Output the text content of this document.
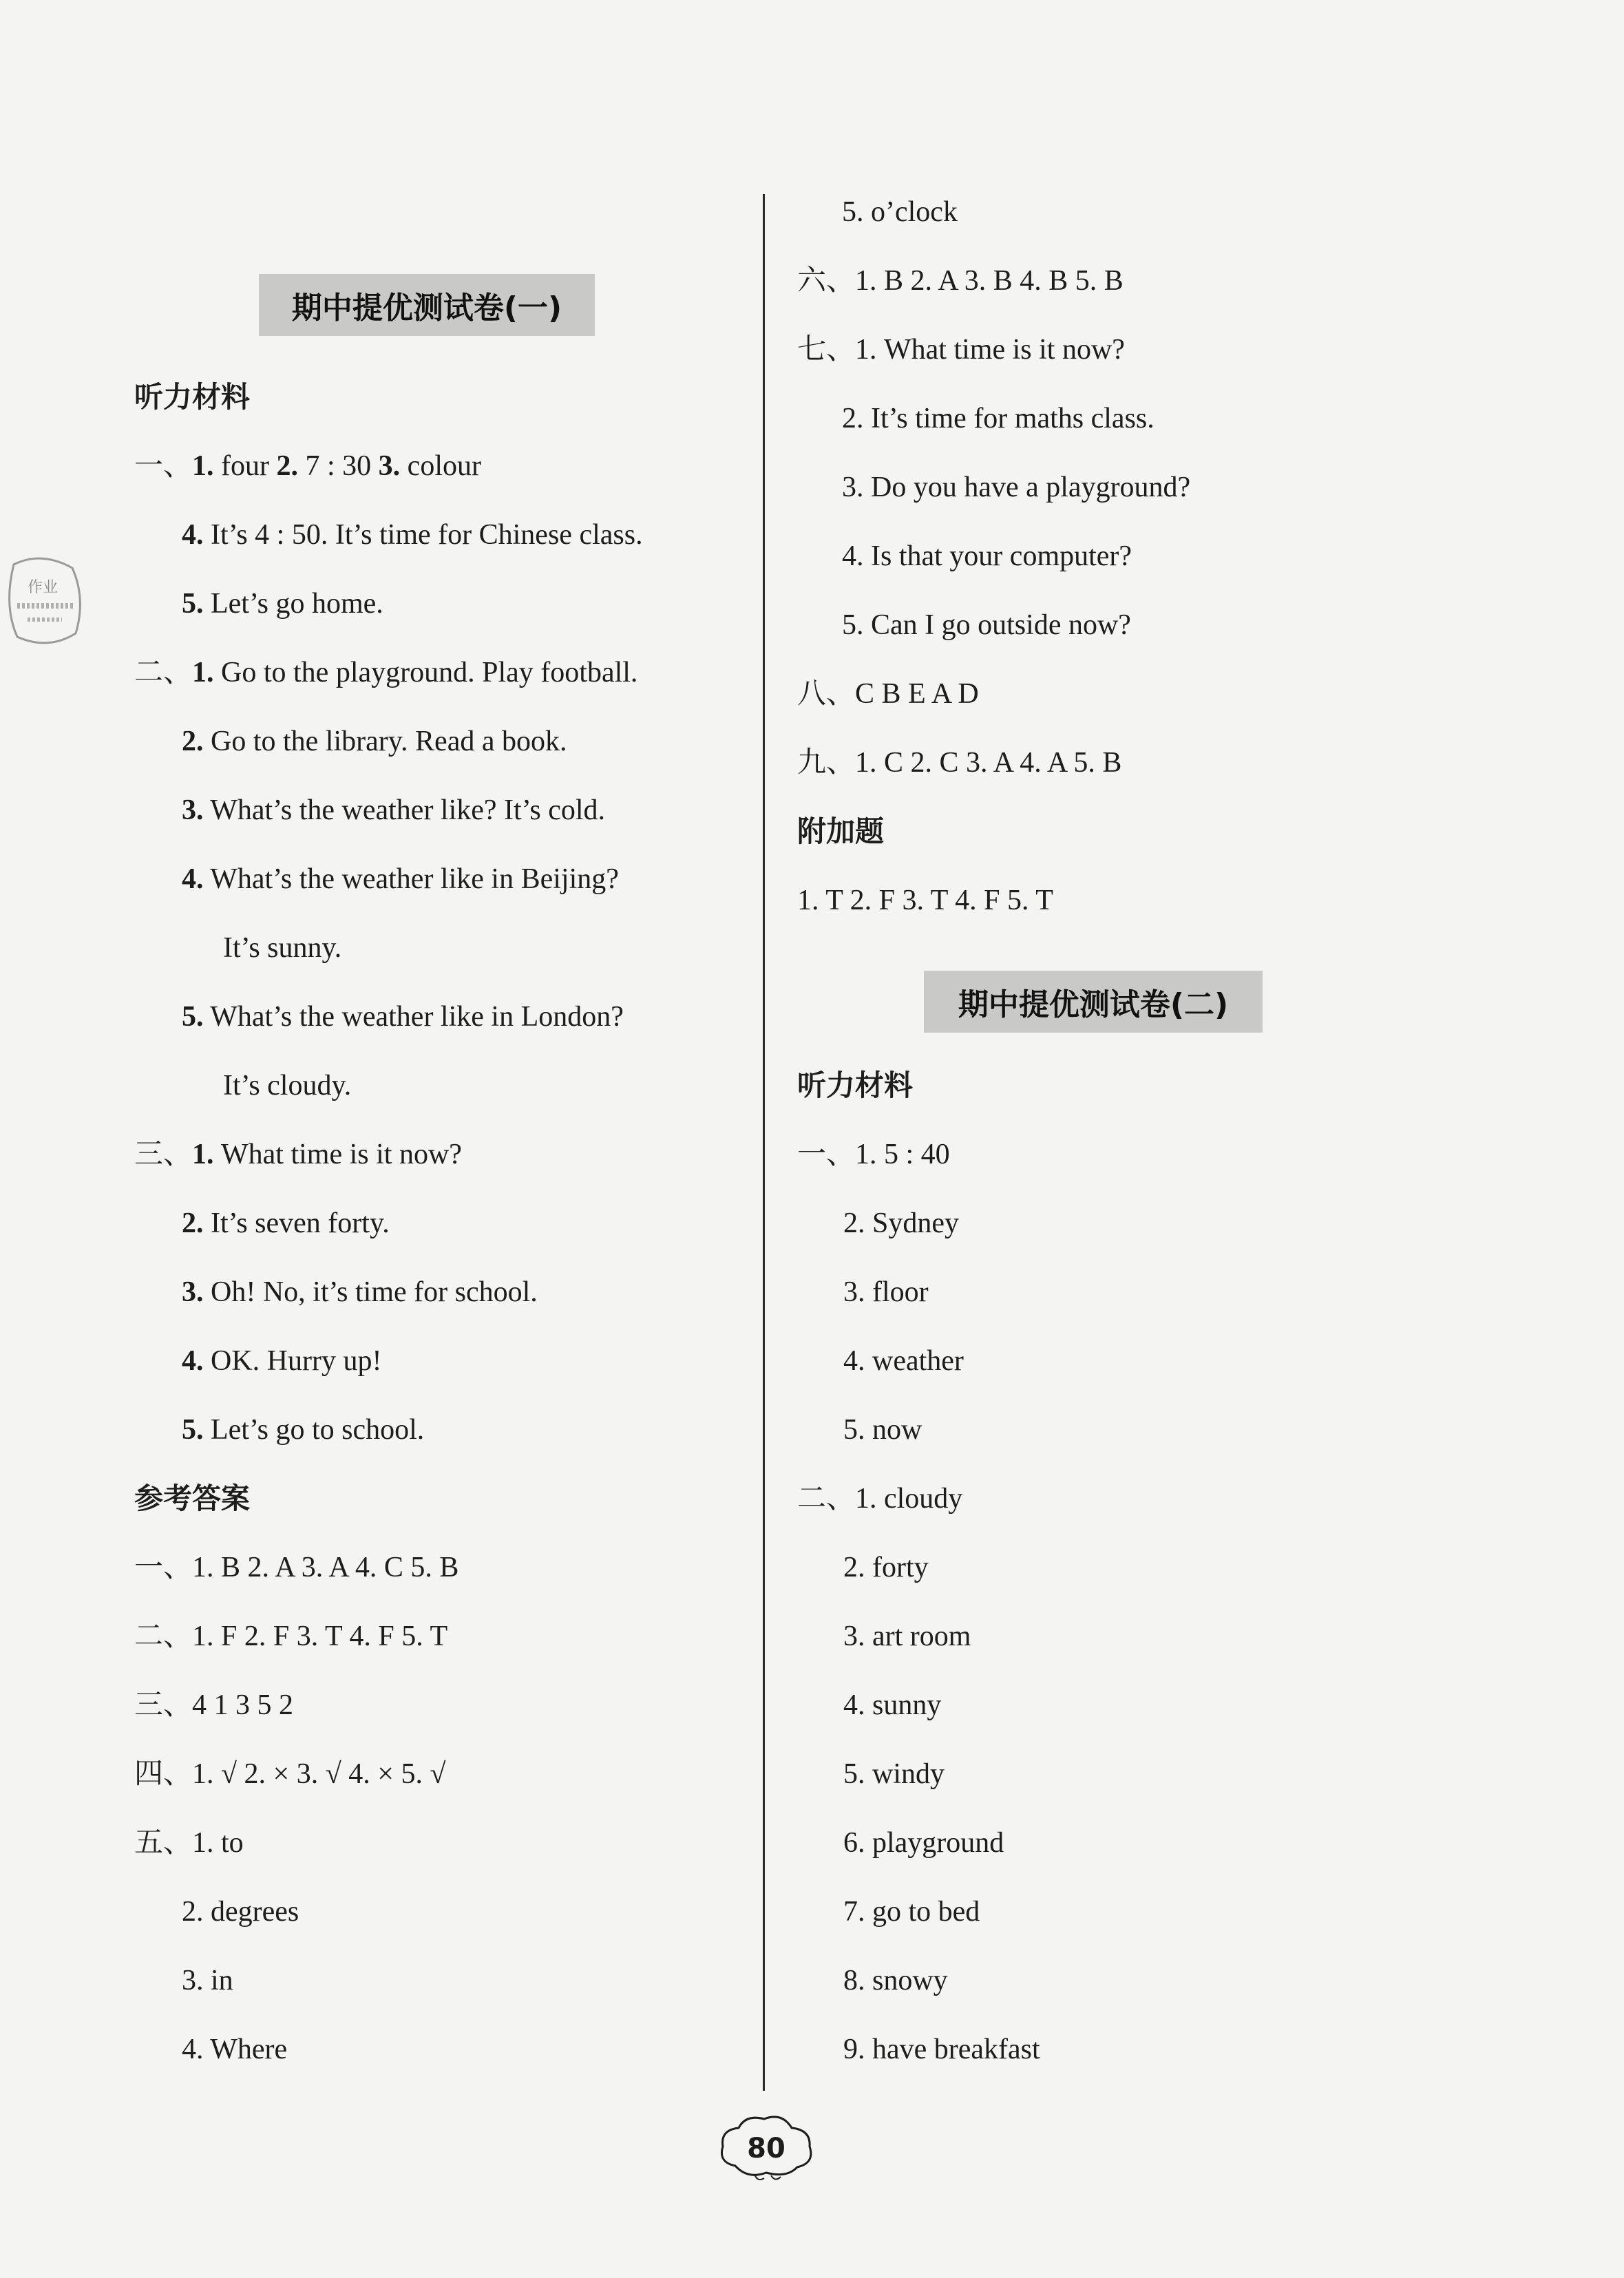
作业
期中提优测试卷(一)
听力材料
一、1. four 2. 7 : 30 3. colour
4. It’s 4 : 50. It’s time for Chinese class.
5. Let’s go home.
二、1. Go to the playground. Play football.
2. Go to the library. Read a book.
3. What’s the weather like? It’s cold.
4. What’s the weather like in Beijing?
It’s sunny.
5. What’s the weather like in London?
It’s cloudy.
三、1. What time is it now?
2. It’s seven forty.
3. Oh! No, it’s time for school.
4. OK. Hurry up!
5. Let’s go to school.
参考答案
一、1. B 2. A 3. A 4. C 5. B
二、1. F 2. F 3. T 4. F 5. T
三、4 1 3 5 2
四、1. √ 2. × 3. √ 4. × 5. √
五、1. to
2. degrees
3. in
4. Where
5. o’clock
六、1. B 2. A 3. B 4. B 5. B
七、1. What time is it now?
2. It’s time for maths class.
3. Do you have a playground?
4. Is that your computer?
5. Can I go outside now?
八、C B E A D
九、1. C 2. C 3. A 4. A 5. B
附加题
1. T 2. F 3. T 4. F 5. T
期中提优测试卷(二)
听力材料
一、1. 5 : 40
2. Sydney
3. floor
4. weather
5. now
二、1. cloudy
2. forty
3. art room
4. sunny
5. windy
6. playground
7. go to bed
8. snowy
9. have breakfast
80
